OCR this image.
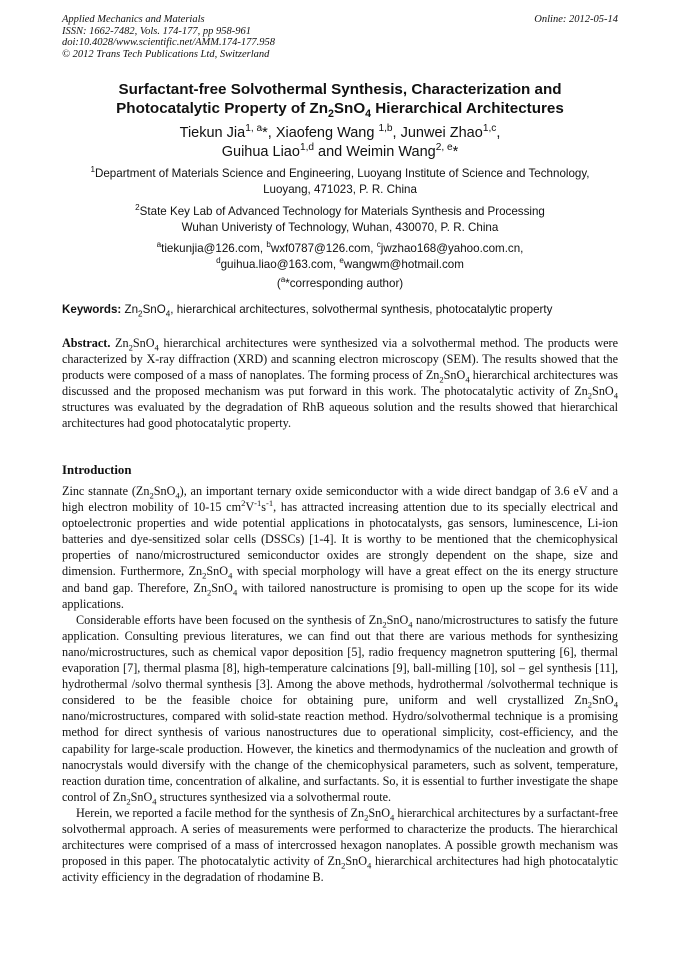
Applied Mechanics and Materials
ISSN: 1662-7482, Vols. 174-177, pp 958-961
doi:10.4028/www.scientific.net/AMM.174-177.958
© 2012 Trans Tech Publications Ltd, Switzerland
Online: 2012-05-14
Surfactant-free Solvothermal Synthesis, Characterization and
Photocatalytic Property of $Zn_2SnO_4$ Hierarchical Architectures
Tiekun Jia$^{1, a}$*, Xiaofeng Wang $^{1,b}$, Junwei Zhao$^{1,c}$,
Guihua Liao$^{1,d}$ and Weimin Wang$^{2, e}$*
$^1$Department of Materials Science and Engineering, Luoyang Institute of Science and Technology,
Luoyang, 471023, P. R. China
$^2$State Key Lab of Advanced Technology for Materials Synthesis and Processing
Wuhan Univeristy of Technology, Wuhan, 430070, P. R. China
$^a$tiekunjia@126.com, $^b$wxf0787@126.com, $^c$jwzhao168@yahoo.com.cn,
$^d$guihua.liao@163.com, $^e$wangwm@hotmail.com
($^a$*corresponding author)
Keywords: $Zn_2SnO_4$, hierarchical architectures, solvothermal synthesis, photocatalytic property
Abstract. $Zn_2SnO_4$ hierarchical architectures were synthesized via a solvothermal method. The products were characterized by X-ray diffraction (XRD) and scanning electron microscopy (SEM). The results showed that the products were composed of a mass of nanoplates. The forming process of $Zn_2SnO_4$ hierarchical architectures was discussed and the proposed mechanism was put forward in this work. The photocatalytic activity of $Zn_2SnO_4$ structures was evaluated by the degradation of RhB aqueous solution and the results showed that hierarchical architectures had good photocatalytic property.
Introduction

Zinc stannate $(Zn_2SnO_4)$, an important ternary oxide semiconductor with a wide direct bandgap of 3.6 eV and a high electron mobility of 10-15 $cm^2V^{-1}s^{-1}$, has attracted increasing attention due to its specially electrical and optoelectronic properties and wide potential applications in photocatalysts, gas sensors, luminescence, Li-ion batteries and dye-sensitized solar cells (DSSCs) [1-4]. It is worthy to be mentioned that the chemicophysical properties of nano/microstructured semiconductor oxides are strongly dependent on the shape, size and dimension. Furthermore, $Zn_2SnO_4$ with special morphology will have a great effect on the its energy structure and band gap. Therefore, $Zn_2SnO_4$ with tailored nanostructure is promising to open up the scope for its wide applications.

Considerable efforts have been focused on the synthesis of $Zn_2SnO_4$ nano/microstructures to satisfy the future application. Consulting previous literatures, we can find out that there are various methods for synthesizing nano/microstructures, such as chemical vapor deposition [5], radio frequency magnetron sputtering [6], thermal evaporation [7], thermal plasma [8], high-temperature calcinations [9], ball-milling [10], sol – gel synthesis [11], hydrothermal /solvo thermal synthesis [3]. Among the above methods, hydrothermal /solvothermal technique is considered to be the feasible choice for obtaining pure, uniform and well crystallized $Zn_2SnO_4$ nano/microstructures, compared with solid-state reaction method. Hydro/solvothermal technique is a promising method for direct synthesis of various nanostructures due to operational simplicity, cost-efficiency, and the capability for large-scale production. However, the kinetics and thermodynamics of the nucleation and growth of nanocrystals would diversify with the change of the chemicophysical parameters, such as solvent, temperature, reaction duration time, concentration of alkaline, and surfactants. So, it is essential to further investigate the shape control of $Zn_2SnO_4$ structures synthesized via a solvothermal route.

Herein, we reported a facile method for the synthesis of $Zn_2SnO_4$ hierarchical architectures by a surfactant-free solvothermal approach. A series of measurements were performed to characterize the products. The hierarchical architectures were comprised of a mass of intercrossed hexagon nanoplates. A possible growth mechanism was proposed in this paper. The photocatalytic activity of $Zn_2SnO_4$ hierarchical architectures had high photocatalytic activity efficiency in the degradation of rhodamine B.
